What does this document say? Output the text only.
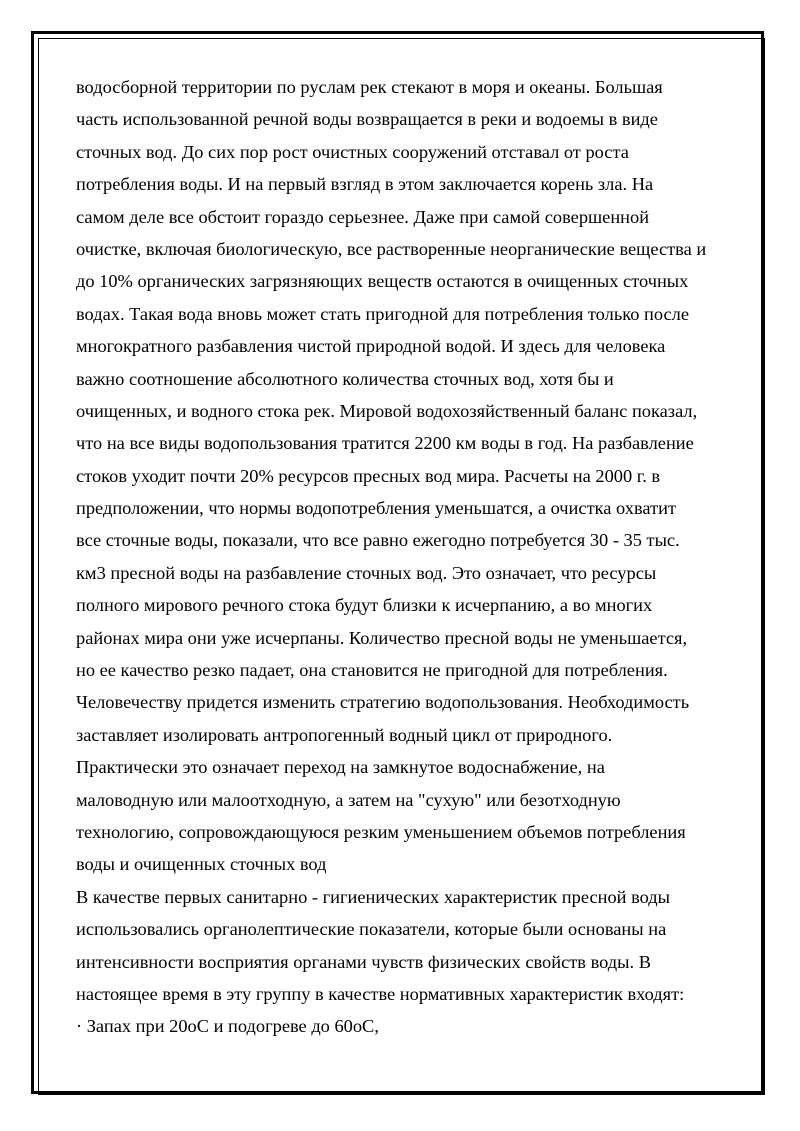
водосборной территории по руслам рек стекают в моря и океаны. Большая
часть использованной речной воды возвращается в реки и водоемы в виде
сточных вод. До сих пор рост очистных сооружений отставал от роста
потребления воды. И на первый взгляд в этом заключается корень зла. На
самом деле все обстоит гораздо серьезнее. Даже при самой совершенной
очистке, включая биологическую, все растворенные неорганические вещества и
до 10% органических загрязняющих веществ остаются в очищенных сточных
водах. Такая вода вновь может стать пригодной для потребления только после
многократного разбавления чистой природной водой. И здесь для человека
важно соотношение абсолютного количества сточных вод, хотя бы и
очищенных, и водного стока рек. Мировой водохозяйственный баланс показал,
что на все виды водопользования тратится 2200 км воды в год. На разбавление
стоков уходит почти 20% ресурсов пресных вод мира. Расчеты на 2000 г. в
предположении, что нормы водопотребления уменьшатся, а очистка охватит
все сточные воды, показали, что все равно ежегодно потребуется 30 - 35 тыс.
км3 пресной воды на разбавление сточных вод. Это означает, что ресурсы
полного мирового речного стока будут близки к исчерпанию, а во многих
районах мира они уже исчерпаны. Количество пресной воды не уменьшается,
но ее качество резко падает, она становится не пригодной для потребления.
Человечеству придется изменить стратегию водопользования. Необходимость
заставляет изолировать антропогенный водный цикл от природного.
Практически это означает переход на замкнутое водоснабжение, на
маловодную или малоотходную, а затем на "сухую" или безотходную
технологию, сопровождающуюся резким уменьшением объемов потребления
воды и очищенных сточных вод
В качестве первых санитарно - гигиенических характеристик пресной воды
использовались органолептические показатели, которые были основаны на
интенсивности восприятия органами чувств физических свойств воды. В
настоящее время в эту группу в качестве нормативных характеристик входят:
· Запах при 20оС и подогреве до 60оС,
